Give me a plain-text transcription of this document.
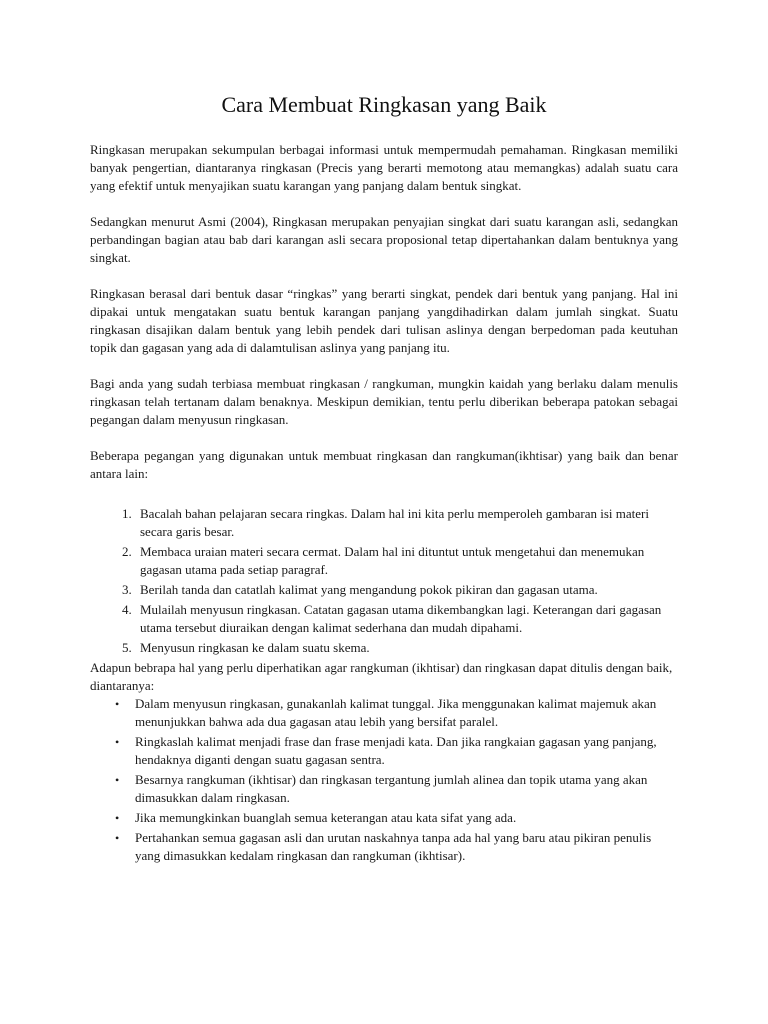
Cara Membuat Ringkasan yang Baik

Ringkasan merupakan sekumpulan berbagai informasi untuk mempermudah pemahaman. Ringkasan memiliki banyak pengertian, diantaranya ringkasan (Precis yang berarti memotong atau memangkas) adalah suatu cara yang efektif untuk menyajikan suatu karangan yang panjang dalam bentuk singkat.

Sedangkan menurut Asmi (2004), Ringkasan merupakan penyajian singkat dari suatu karangan asli, sedangkan perbandingan bagian atau bab dari karangan asli secara proposional tetap dipertahankan dalam bentuknya yang singkat.

Ringkasan berasal dari bentuk dasar “ringkas” yang berarti singkat, pendek dari bentuk yang panjang. Hal ini dipakai untuk mengatakan suatu bentuk karangan panjang yangdihadirkan dalam jumlah singkat. Suatu ringkasan disajikan dalam bentuk yang lebih pendek dari tulisan aslinya dengan berpedoman pada keutuhan topik dan gagasan yang ada di dalamtulisan aslinya yang panjang itu.

Bagi anda yang sudah terbiasa membuat ringkasan / rangkuman, mungkin kaidah yang berlaku dalam menulis ringkasan telah tertanam dalam benaknya. Meskipun demikian, tentu perlu diberikan beberapa patokan sebagai pegangan dalam menyusun ringkasan.

Beberapa pegangan yang digunakan untuk membuat ringkasan dan rangkuman(ikhtisar) yang baik dan benar antara lain:

1. Bacalah bahan pelajaran secara ringkas. Dalam hal ini kita perlu memperoleh gambaran isi materi secara garis besar.
2. Membaca uraian materi secara cermat. Dalam hal ini dituntut untuk mengetahui dan menemukan gagasan utama pada setiap paragraf.
3. Berilah tanda dan catatlah kalimat yang mengandung pokok pikiran dan gagasan utama.
4. Mulailah menyusun ringkasan. Catatan gagasan utama dikembangkan lagi. Keterangan dari gagasan utama tersebut diuraikan dengan kalimat sederhana dan mudah dipahami.
5. Menyusun ringkasan ke dalam suatu skema.

Adapun bebrapa hal yang perlu diperhatikan agar rangkuman (ikhtisar) dan ringkasan dapat ditulis dengan baik, diantaranya:

• Dalam menyusun ringkasan, gunakanlah kalimat tunggal. Jika menggunakan kalimat majemuk akan menunjukkan bahwa ada dua gagasan atau lebih yang bersifat paralel.
• Ringkaslah kalimat menjadi frase dan frase menjadi kata. Dan jika rangkaian gagasan yang panjang, hendaknya diganti dengan suatu gagasan sentra.
• Besarnya rangkuman (ikhtisar) dan ringkasan tergantung jumlah alinea dan topik utama yang akan dimasukkan dalam ringkasan.
• Jika memungkinkan buanglah semua keterangan atau kata sifat yang ada.
• Pertahankan semua gagasan asli dan urutan naskahnya tanpa ada hal yang baru atau pikiran penulis yang dimasukkan kedalam ringkasan dan rangkuman (ikhtisar).
